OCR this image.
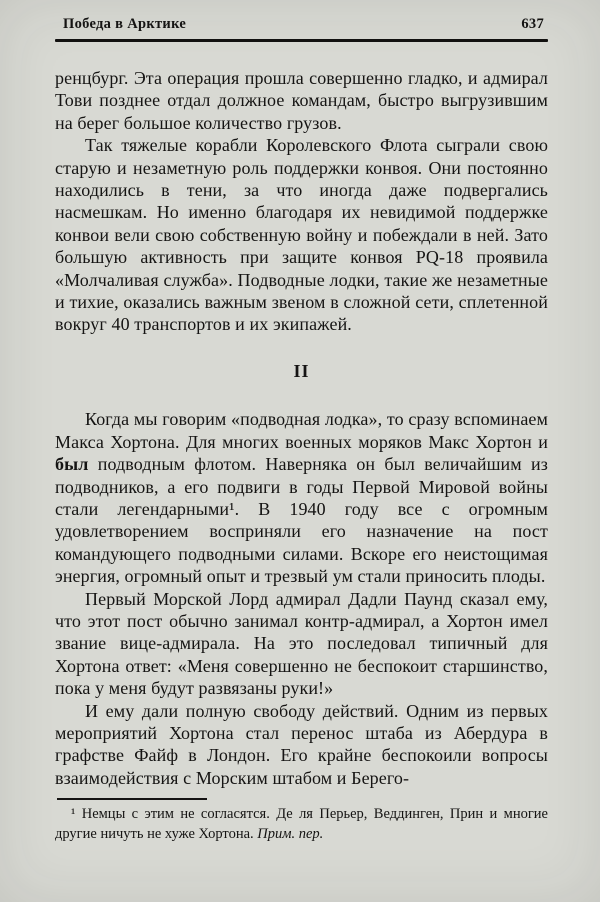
Победа в Арктике	637

ренцбург. Эта операция прошла совершенно гладко, и адмирал Тови позднее отдал должное командам, быстро выгрузившим на берег большое количество грузов.

Так тяжелые корабли Королевского Флота сыграли свою старую и незаметную роль поддержки конвоя. Они постоянно находились в тени, за что иногда даже подвергались насмешкам. Но именно благодаря их невидимой поддержке конвои вели свою собственную войну и побеждали в ней. Зато большую активность при защите конвоя PQ-18 проявила «Молчаливая служба». Подводные лодки, такие же незаметные и тихие, оказались важным звеном в сложной сети, сплетенной вокруг 40 транспортов и их экипажей.

II

Когда мы говорим «подводная лодка», то сразу вспоминаем Макса Хортона. Для многих военных моряков Макс Хортон и был подводным флотом. Наверняка он был величайшим из подводников, а его подвиги в годы Первой Мировой войны стали легендарными¹. В 1940 году все с огромным удовлетворением восприняли его назначение на пост командующего подводными силами. Вскоре его неистощимая энергия, огромный опыт и трезвый ум стали приносить плоды.

Первый Морской Лорд адмирал Дадли Паунд сказал ему, что этот пост обычно занимал контр-адмирал, а Хортон имел звание вице-адмирала. На это последовал типичный для Хортона ответ: «Меня совершенно не беспокоит старшинство, пока у меня будут развязаны руки!»

И ему дали полную свободу действий. Одним из первых мероприятий Хортона стал перенос штаба из Абердура в графстве Файф в Лондон. Его крайне беспокоили вопросы взаимодействия с Морским штабом и Берего-

¹ Немцы с этим не согласятся. Де ля Перьер, Веддинген, Прин и многие другие ничуть не хуже Хортона. Прим. пер.
